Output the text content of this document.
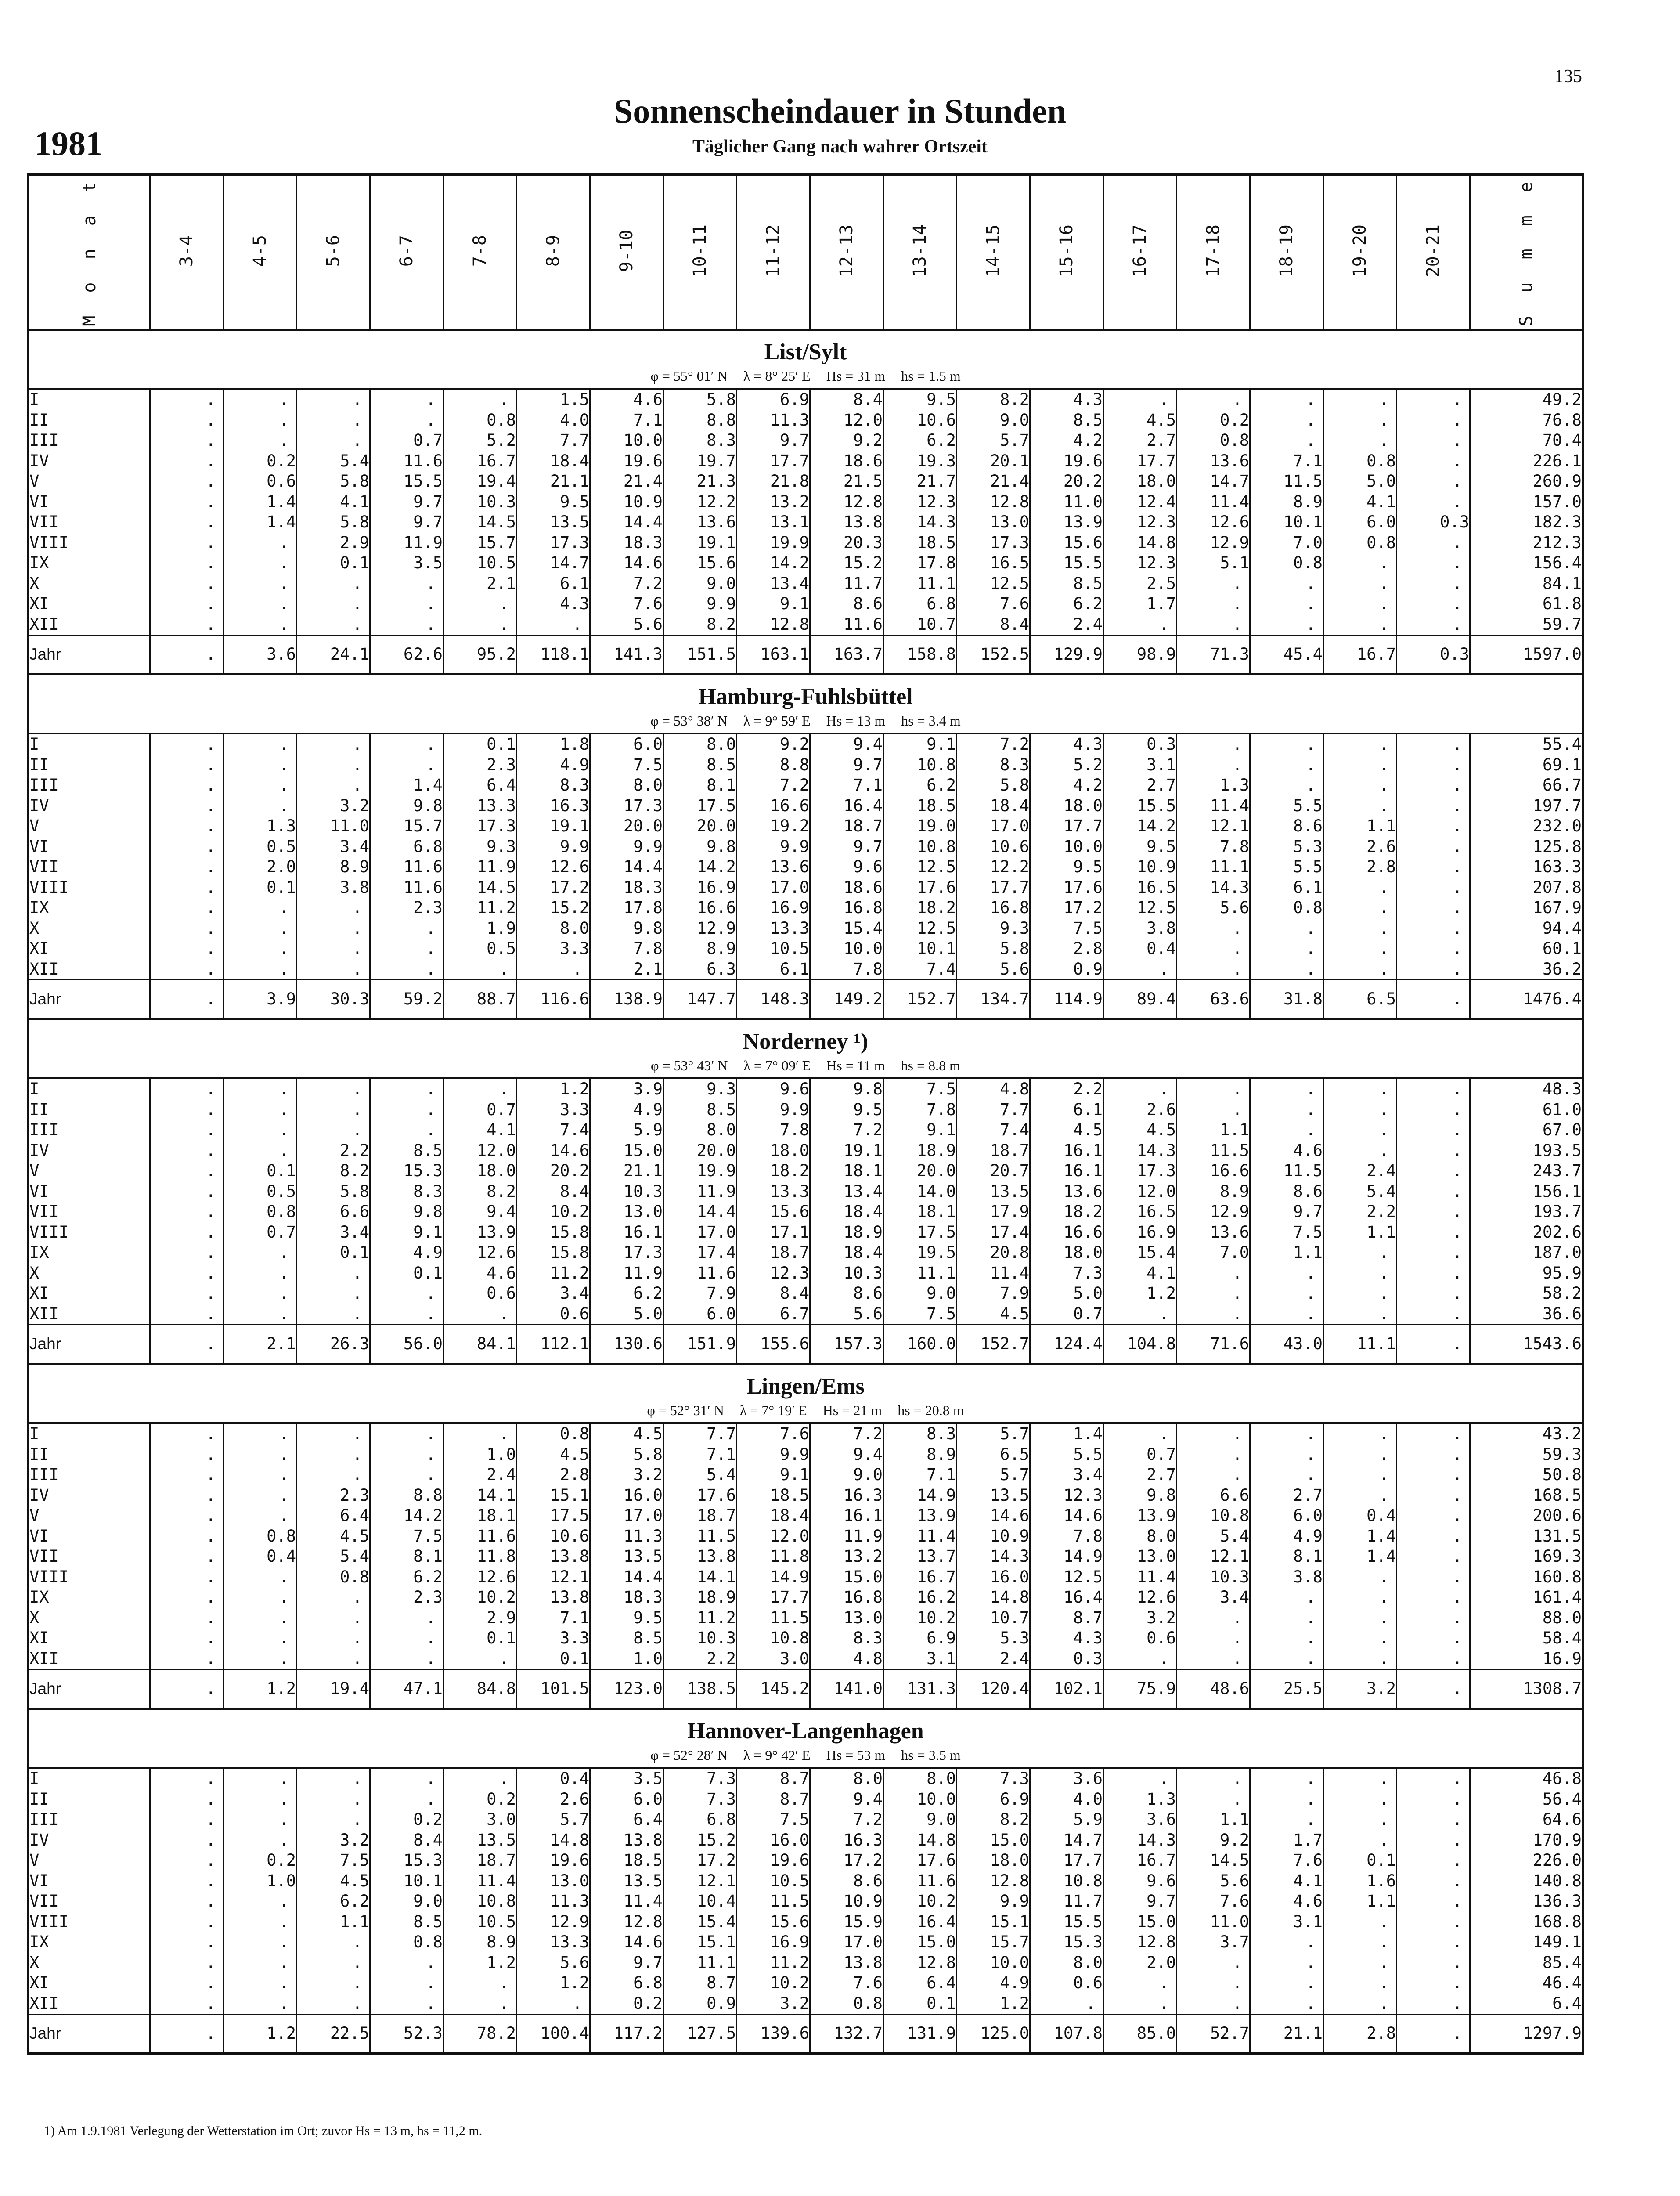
135
Sonnenscheindauer in Stunden
Täglicher Gang nach wahrer Ortszeit
1981
M o n a t	3-4	4-5	5-6	6-7	7-8	8-9	9-10	10-11	11-12	12-13	13-14	14-15	15-16	16-17	17-18	18-19	19-20	20-21	S u m m e
List/Sylt																			
φ = 55° 01′ N λ = 8° 25′ E Hs = 31 m hs = 1.5 m																			
I	.	.	.	.	.	1.5	4.6	5.8	6.9	8.4	9.5	8.2	4.3	.	.	.	.	.	49.2
II	.	.	.	.	0.8	4.0	7.1	8.8	11.3	12.0	10.6	9.0	8.5	4.5	0.2	.	.	.	76.8
III	.	.	.	0.7	5.2	7.7	10.0	8.3	9.7	9.2	6.2	5.7	4.2	2.7	0.8	.	.	.	70.4
IV	.	0.2	5.4	11.6	16.7	18.4	19.6	19.7	17.7	18.6	19.3	20.1	19.6	17.7	13.6	7.1	0.8	.	226.1
V	.	0.6	5.8	15.5	19.4	21.1	21.4	21.3	21.8	21.5	21.7	21.4	20.2	18.0	14.7	11.5	5.0	.	260.9
VI	.	1.4	4.1	9.7	10.3	9.5	10.9	12.2	13.2	12.8	12.3	12.8	11.0	12.4	11.4	8.9	4.1	.	157.0
VII	.	1.4	5.8	9.7	14.5	13.5	14.4	13.6	13.1	13.8	14.3	13.0	13.9	12.3	12.6	10.1	6.0	0.3	182.3
VIII	.	.	2.9	11.9	15.7	17.3	18.3	19.1	19.9	20.3	18.5	17.3	15.6	14.8	12.9	7.0	0.8	.	212.3
IX	.	.	0.1	3.5	10.5	14.7	14.6	15.6	14.2	15.2	17.8	16.5	15.5	12.3	5.1	0.8	.	.	156.4
X	.	.	.	.	2.1	6.1	7.2	9.0	13.4	11.7	11.1	12.5	8.5	2.5	.	.	.	.	84.1
XI	.	.	.	.	.	4.3	7.6	9.9	9.1	8.6	6.8	7.6	6.2	1.7	.	.	.	.	61.8
XII	.	.	.	.	.	.	5.6	8.2	12.8	11.6	10.7	8.4	2.4	.	.	.	.	.	59.7
Jahr	.	3.6	24.1	62.6	95.2	118.1	141.3	151.5	163.1	163.7	158.8	152.5	129.9	98.9	71.3	45.4	16.7	0.3	1597.0
Hamburg-Fuhlsbüttel																			
φ = 53° 38′ N λ = 9° 59′ E Hs = 13 m hs = 3.4 m																			
I	.	.	.	.	0.1	1.8	6.0	8.0	9.2	9.4	9.1	7.2	4.3	0.3	.	.	.	.	55.4
II	.	.	.	.	2.3	4.9	7.5	8.5	8.8	9.7	10.8	8.3	5.2	3.1	.	.	.	.	69.1
III	.	.	.	1.4	6.4	8.3	8.0	8.1	7.2	7.1	6.2	5.8	4.2	2.7	1.3	.	.	.	66.7
IV	.	.	3.2	9.8	13.3	16.3	17.3	17.5	16.6	16.4	18.5	18.4	18.0	15.5	11.4	5.5	.	.	197.7
V	.	1.3	11.0	15.7	17.3	19.1	20.0	20.0	19.2	18.7	19.0	17.0	17.7	14.2	12.1	8.6	1.1	.	232.0
VI	.	0.5	3.4	6.8	9.3	9.9	9.9	9.8	9.9	9.7	10.8	10.6	10.0	9.5	7.8	5.3	2.6	.	125.8
VII	.	2.0	8.9	11.6	11.9	12.6	14.4	14.2	13.6	9.6	12.5	12.2	9.5	10.9	11.1	5.5	2.8	.	163.3
VIII	.	0.1	3.8	11.6	14.5	17.2	18.3	16.9	17.0	18.6	17.6	17.7	17.6	16.5	14.3	6.1	.	.	207.8
IX	.	.	.	2.3	11.2	15.2	17.8	16.6	16.9	16.8	18.2	16.8	17.2	12.5	5.6	0.8	.	.	167.9
X	.	.	.	.	1.9	8.0	9.8	12.9	13.3	15.4	12.5	9.3	7.5	3.8	.	.	.	.	94.4
XI	.	.	.	.	0.5	3.3	7.8	8.9	10.5	10.0	10.1	5.8	2.8	0.4	.	.	.	.	60.1
XII	.	.	.	.	.	.	2.1	6.3	6.1	7.8	7.4	5.6	0.9	.	.	.	.	.	36.2
Jahr	.	3.9	30.3	59.2	88.7	116.6	138.9	147.7	148.3	149.2	152.7	134.7	114.9	89.4	63.6	31.8	6.5	.	1476.4
Norderney ¹)																			
φ = 53° 43′ N λ = 7° 09′ E Hs = 11 m hs = 8.8 m																			
I	.	.	.	.	.	1.2	3.9	9.3	9.6	9.8	7.5	4.8	2.2	.	.	.	.	.	48.3
II	.	.	.	.	0.7	3.3	4.9	8.5	9.9	9.5	7.8	7.7	6.1	2.6	.	.	.	.	61.0
III	.	.	.	.	4.1	7.4	5.9	8.0	7.8	7.2	9.1	7.4	4.5	4.5	1.1	.	.	.	67.0
IV	.	.	2.2	8.5	12.0	14.6	15.0	20.0	18.0	19.1	18.9	18.7	16.1	14.3	11.5	4.6	.	.	193.5
V	.	0.1	8.2	15.3	18.0	20.2	21.1	19.9	18.2	18.1	20.0	20.7	16.1	17.3	16.6	11.5	2.4	.	243.7
VI	.	0.5	5.8	8.3	8.2	8.4	10.3	11.9	13.3	13.4	14.0	13.5	13.6	12.0	8.9	8.6	5.4	.	156.1
VII	.	0.8	6.6	9.8	9.4	10.2	13.0	14.4	15.6	18.4	18.1	17.9	18.2	16.5	12.9	9.7	2.2	.	193.7
VIII	.	0.7	3.4	9.1	13.9	15.8	16.1	17.0	17.1	18.9	17.5	17.4	16.6	16.9	13.6	7.5	1.1	.	202.6
IX	.	.	0.1	4.9	12.6	15.8	17.3	17.4	18.7	18.4	19.5	20.8	18.0	15.4	7.0	1.1	.	.	187.0
X	.	.	.	0.1	4.6	11.2	11.9	11.6	12.3	10.3	11.1	11.4	7.3	4.1	.	.	.	.	95.9
XI	.	.	.	.	0.6	3.4	6.2	7.9	8.4	8.6	9.0	7.9	5.0	1.2	.	.	.	.	58.2
XII	.	.	.	.	.	0.6	5.0	6.0	6.7	5.6	7.5	4.5	0.7	.	.	.	.	.	36.6
Jahr	.	2.1	26.3	56.0	84.1	112.1	130.6	151.9	155.6	157.3	160.0	152.7	124.4	104.8	71.6	43.0	11.1	.	1543.6
Lingen/Ems																			
φ = 52° 31′ N λ = 7° 19′ E Hs = 21 m hs = 20.8 m																			
I	.	.	.	.	.	0.8	4.5	7.7	7.6	7.2	8.3	5.7	1.4	.	.	.	.	.	43.2
II	.	.	.	.	1.0	4.5	5.8	7.1	9.9	9.4	8.9	6.5	5.5	0.7	.	.	.	.	59.3
III	.	.	.	.	2.4	2.8	3.2	5.4	9.1	9.0	7.1	5.7	3.4	2.7	.	.	.	.	50.8
IV	.	.	2.3	8.8	14.1	15.1	16.0	17.6	18.5	16.3	14.9	13.5	12.3	9.8	6.6	2.7	.	.	168.5
V	.	.	6.4	14.2	18.1	17.5	17.0	18.7	18.4	16.1	13.9	14.6	14.6	13.9	10.8	6.0	0.4	.	200.6
VI	.	0.8	4.5	7.5	11.6	10.6	11.3	11.5	12.0	11.9	11.4	10.9	7.8	8.0	5.4	4.9	1.4	.	131.5
VII	.	0.4	5.4	8.1	11.8	13.8	13.5	13.8	11.8	13.2	13.7	14.3	14.9	13.0	12.1	8.1	1.4	.	169.3
VIII	.	.	0.8	6.2	12.6	12.1	14.4	14.1	14.9	15.0	16.7	16.0	12.5	11.4	10.3	3.8	.	.	160.8
IX	.	.	.	2.3	10.2	13.8	18.3	18.9	17.7	16.8	16.2	14.8	16.4	12.6	3.4	.	.	.	161.4
X	.	.	.	.	2.9	7.1	9.5	11.2	11.5	13.0	10.2	10.7	8.7	3.2	.	.	.	.	88.0
XI	.	.	.	.	0.1	3.3	8.5	10.3	10.8	8.3	6.9	5.3	4.3	0.6	.	.	.	.	58.4
XII	.	.	.	.	.	0.1	1.0	2.2	3.0	4.8	3.1	2.4	0.3	.	.	.	.	.	16.9
Jahr	.	1.2	19.4	47.1	84.8	101.5	123.0	138.5	145.2	141.0	131.3	120.4	102.1	75.9	48.6	25.5	3.2	.	1308.7
Hannover-Langenhagen																			
φ = 52° 28′ N λ = 9° 42′ E Hs = 53 m hs = 3.5 m																			
I	.	.	.	.	.	0.4	3.5	7.3	8.7	8.0	8.0	7.3	3.6	.	.	.	.	.	46.8
II	.	.	.	.	0.2	2.6	6.0	7.3	8.7	9.4	10.0	6.9	4.0	1.3	.	.	.	.	56.4
III	.	.	.	0.2	3.0	5.7	6.4	6.8	7.5	7.2	9.0	8.2	5.9	3.6	1.1	.	.	.	64.6
IV	.	.	3.2	8.4	13.5	14.8	13.8	15.2	16.0	16.3	14.8	15.0	14.7	14.3	9.2	1.7	.	.	170.9
V	.	0.2	7.5	15.3	18.7	19.6	18.5	17.2	19.6	17.2	17.6	18.0	17.7	16.7	14.5	7.6	0.1	.	226.0
VI	.	1.0	4.5	10.1	11.4	13.0	13.5	12.1	10.5	8.6	11.6	12.8	10.8	9.6	5.6	4.1	1.6	.	140.8
VII	.	.	6.2	9.0	10.8	11.3	11.4	10.4	11.5	10.9	10.2	9.9	11.7	9.7	7.6	4.6	1.1	.	136.3
VIII	.	.	1.1	8.5	10.5	12.9	12.8	15.4	15.6	15.9	16.4	15.1	15.5	15.0	11.0	3.1	.	.	168.8
IX	.	.	.	0.8	8.9	13.3	14.6	15.1	16.9	17.0	15.0	15.7	15.3	12.8	3.7	.	.	.	149.1
X	.	.	.	.	1.2	5.6	9.7	11.1	11.2	13.8	12.8	10.0	8.0	2.0	.	.	.	.	85.4
XI	.	.	.	.	.	1.2	6.8	8.7	10.2	7.6	6.4	4.9	0.6	.	.	.	.	.	46.4
XII	.	.	.	.	.	.	0.2	0.9	3.2	0.8	0.1	1.2	.	.	.	.	.	.	6.4
Jahr	.	1.2	22.5	52.3	78.2	100.4	117.2	127.5	139.6	132.7	131.9	125.0	107.8	85.0	52.7	21.1	2.8	.	1297.9
1) Am 1.9.1981 Verlegung der Wetterstation im Ort; zuvor Hs = 13 m, hs = 11,2 m.
